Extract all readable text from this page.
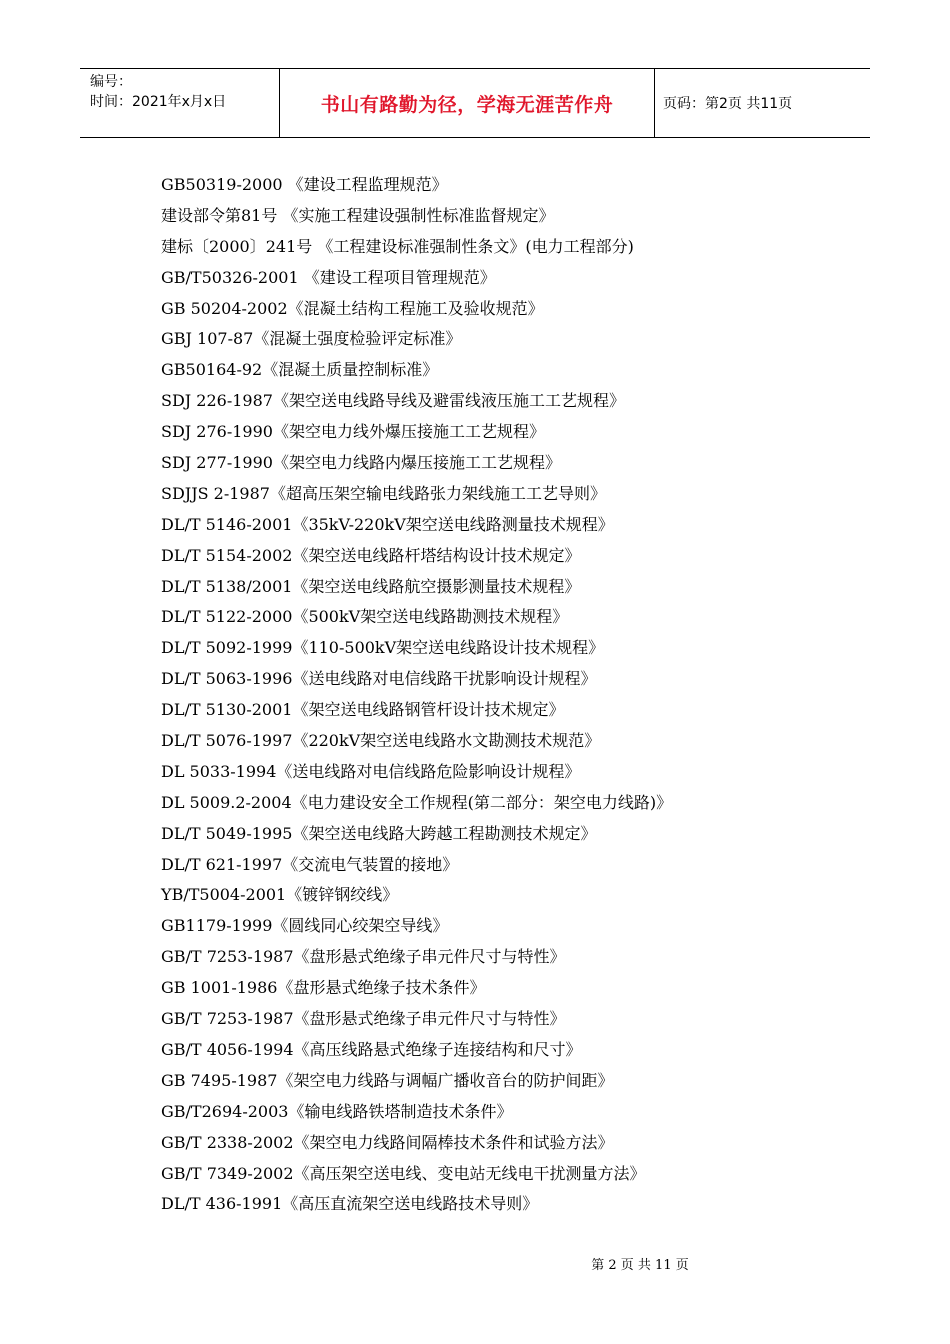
编号：
时间：2021年x月x日	书山有路勤为径，学海无涯苦作舟	页码：第2页 共11页
GB50319-2000 《建设工程监理规范》
建设部令第81号 《实施工程建设强制性标准监督规定》
建标〔2000〕241号 《工程建设标准强制性条文》(电力工程部分)
GB/T50326-2001 《建设工程项目管理规范》
GB 50204-2002《混凝土结构工程施工及验收规范》
GBJ 107-87《混凝土强度检验评定标准》
GB50164-92《混凝土质量控制标准》
SDJ 226-1987《架空送电线路导线及避雷线液压施工工艺规程》
SDJ 276-1990《架空电力线外爆压接施工工艺规程》
SDJ 277-1990《架空电力线路内爆压接施工工艺规程》
SDJJS 2-1987《超高压架空输电线路张力架线施工工艺导则》
DL/T 5146-2001《35kV-220kV架空送电线路测量技术规程》
DL/T 5154-2002《架空送电线路杆塔结构设计技术规定》
DL/T 5138/2001《架空送电线路航空摄影测量技术规程》
DL/T 5122-2000《500kV架空送电线路勘测技术规程》
DL/T 5092-1999《110-500kV架空送电线路设计技术规程》
DL/T 5063-1996《送电线路对电信线路干扰影响设计规程》
DL/T 5130-2001《架空送电线路钢管杆设计技术规定》
DL/T 5076-1997《220kV架空送电线路水文勘测技术规范》
DL 5033-1994《送电线路对电信线路危险影响设计规程》
DL 5009.2-2004《电力建设安全工作规程(第二部分：架空电力线路)》
DL/T 5049-1995《架空送电线路大跨越工程勘测技术规定》
DL/T 621-1997《交流电气装置的接地》
YB/T5004-2001《镀锌钢绞线》
GB1179-1999《圆线同心绞架空导线》
GB/T 7253-1987《盘形悬式绝缘子串元件尺寸与特性》
GB 1001-1986《盘形悬式绝缘子技术条件》
GB/T 7253-1987《盘形悬式绝缘子串元件尺寸与特性》
GB/T 4056-1994《高压线路悬式绝缘子连接结构和尺寸》
GB 7495-1987《架空电力线路与调幅广播收音台的防护间距》
GB/T2694-2003《输电线路铁塔制造技术条件》
GB/T 2338-2002《架空电力线路间隔棒技术条件和试验方法》
GB/T 7349-2002《高压架空送电线、变电站无线电干扰测量方法》
DL/T 436-1991《高压直流架空送电线路技术导则》
第 2 页 共 11 页
